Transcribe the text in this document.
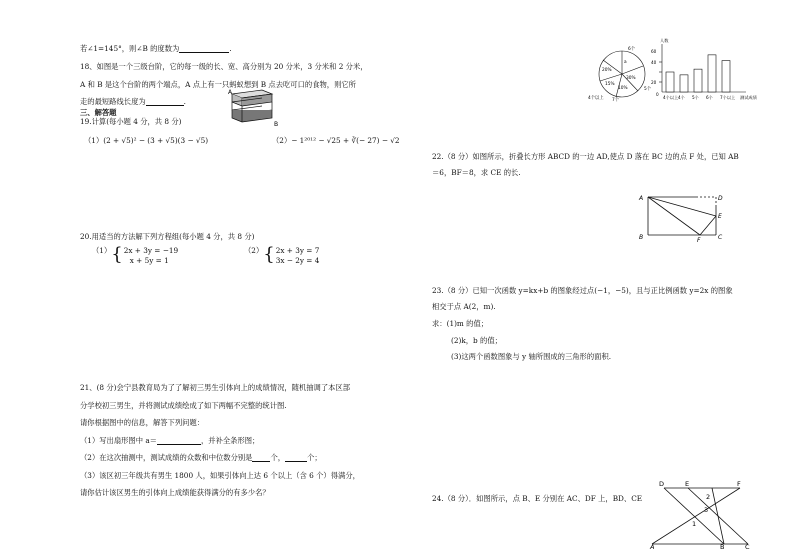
若∠1=145°，则∠B 的度数为	.
18、如图是一个三级台阶，它的每一级的长、宽、高分别为 20 分米，3 分米和 2 分米，
A 和 B 是这个台阶的两个端点，A 点上有一只蚂蚁想到 B 点去吃可口的食物，则它所
走的最短路线长度为	.
A
B
三、解答题
19.计算(每小题 4 分，共 8 分)
（1）(2 + √5)² − (3 + √5)(3 − √5)	（2）− 1²⁰¹² − √25 + ∛(− 27) − √2
20.用适当的方法解下列方程组(每小题 4 分，共 8 分)
（1）{ 2x + 3y = −19
x + 5y = 1
（2）{ 2x + 3y = 7
3x − 2y = 4
21、(8 分)会宁县教育局为了了解初三男生引体向上的成绩情况，随机抽调了本区部
分学校初三男生，并将测试成绩绘成了如下两幅不完整的统计图.
请你根据图中的信息，解答下列问题：
（1）写出扇形图中 a＝	，并补全条形图；
（2）在这次抽测中，测试成绩的众数和中位数分别是 个，	个；
（3）该区初三年级共有男生 1800 人，如果引体向上达 6 个以上（含 6 个）得满分，
请你估计该区男生的引体向上成绩能获得满分的有多少名？
6个
a
30%
15%
20%
10%	5个
7个
4个以上
人数
60
40
20
0
4个以上 4个 5个 6个 7个以上 测试成绩
22.（8 分）如图所示，折叠长方形 ABCD 的一边 AD,使点 D 落在 BC 边的点 F 处，已知 AB
＝6，BF＝8，求 CE 的长.
A	D
E
B	C
F
23.（8 分）已知一次函数 y=kx+b 的图象经过点(−1，−5)，且与正比例函数 y=2x 的图象
相交于点 A(2，m).
求：(1)m 的值；
(2)k，b 的值；
(3)这两个函数图象与 y 轴所围成的三角形的面积.
24.（8 分）．如图所示，点 B、E 分别在 AC、DF 上，BD、CE
D	E	F
A	B	C
2
3
1
